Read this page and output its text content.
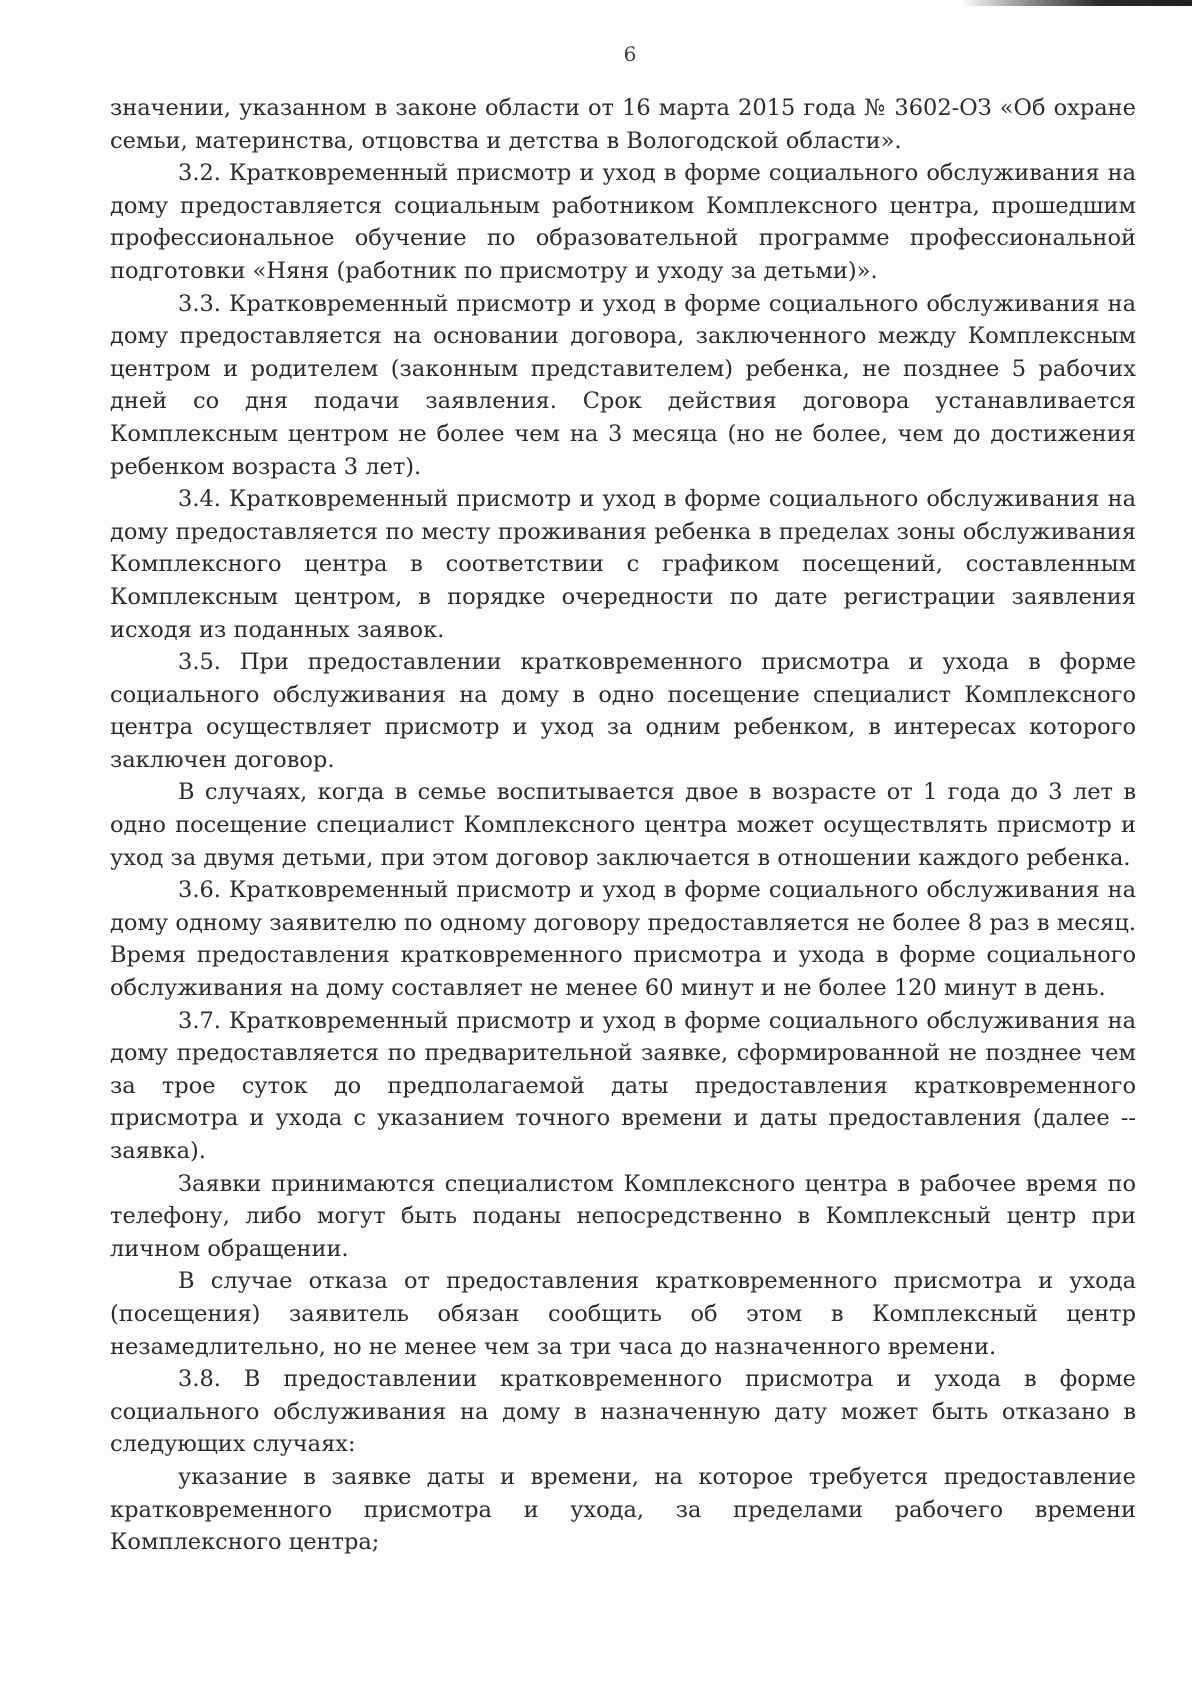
6

значении, указанном в законе области от 16 марта 2015 года № 3602-ОЗ «Об охране семьи, материнства, отцовства и детства в Вологодской области».

3.2. Кратковременный присмотр и уход в форме социального обслуживания на дому предоставляется социальным работником Комплексного центра, прошедшим профессиональное обучение по образовательной программе профессиональной подготовки «Няня (работник по присмотру и уходу за детьми)».

3.3. Кратковременный присмотр и уход в форме социального обслуживания на дому предоставляется на основании договора, заключенного между Комплексным центром и родителем (законным представителем) ребенка, не позднее 5 рабочих дней со дня подачи заявления. Срок действия договора устанавливается Комплексным центром не более чем на 3 месяца (но не более, чем до достижения ребенком возраста 3 лет).

3.4. Кратковременный присмотр и уход в форме социального обслуживания на дому предоставляется по месту проживания ребенка в пределах зоны обслуживания Комплексного центра в соответствии с графиком посещений, составленным Комплексным центром, в порядке очередности по дате регистрации заявления исходя из поданных заявок.

3.5. При предоставлении кратковременного присмотра и ухода в форме социального обслуживания на дому в одно посещение специалист Комплексного центра осуществляет присмотр и уход за одним ребенком, в интересах которого заключен договор.

В случаях, когда в семье воспитывается двое в возрасте от 1 года до 3 лет в одно посещение специалист Комплексного центра может осуществлять присмотр и уход за двумя детьми, при этом договор заключается в отношении каждого ребенка.

3.6. Кратковременный присмотр и уход в форме социального обслуживания на дому одному заявителю по одному договору предоставляется не более 8 раз в месяц. Время предоставления кратковременного присмотра и ухода в форме социального обслуживания на дому составляет не менее 60 минут и не более 120 минут в день.

3.7. Кратковременный присмотр и уход в форме социального обслуживания на дому предоставляется по предварительной заявке, сформированной не позднее чем за трое суток до предполагаемой даты предоставления кратковременного присмотра и ухода с указанием точного времени и даты предоставления (далее -- заявка).

Заявки принимаются специалистом Комплексного центра в рабочее время по телефону, либо могут быть поданы непосредственно в Комплексный центр при личном обращении.

В случае отказа от предоставления кратковременного присмотра и ухода (посещения) заявитель обязан сообщить об этом в Комплексный центр незамедлительно, но не менее чем за три часа до назначенного времени.

3.8. В предоставлении кратковременного присмотра и ухода в форме социального обслуживания на дому в назначенную дату может быть отказано в следующих случаях:

указание в заявке даты и времени, на которое требуется предоставление кратковременного присмотра и ухода, за пределами рабочего времени Комплексного центра;
